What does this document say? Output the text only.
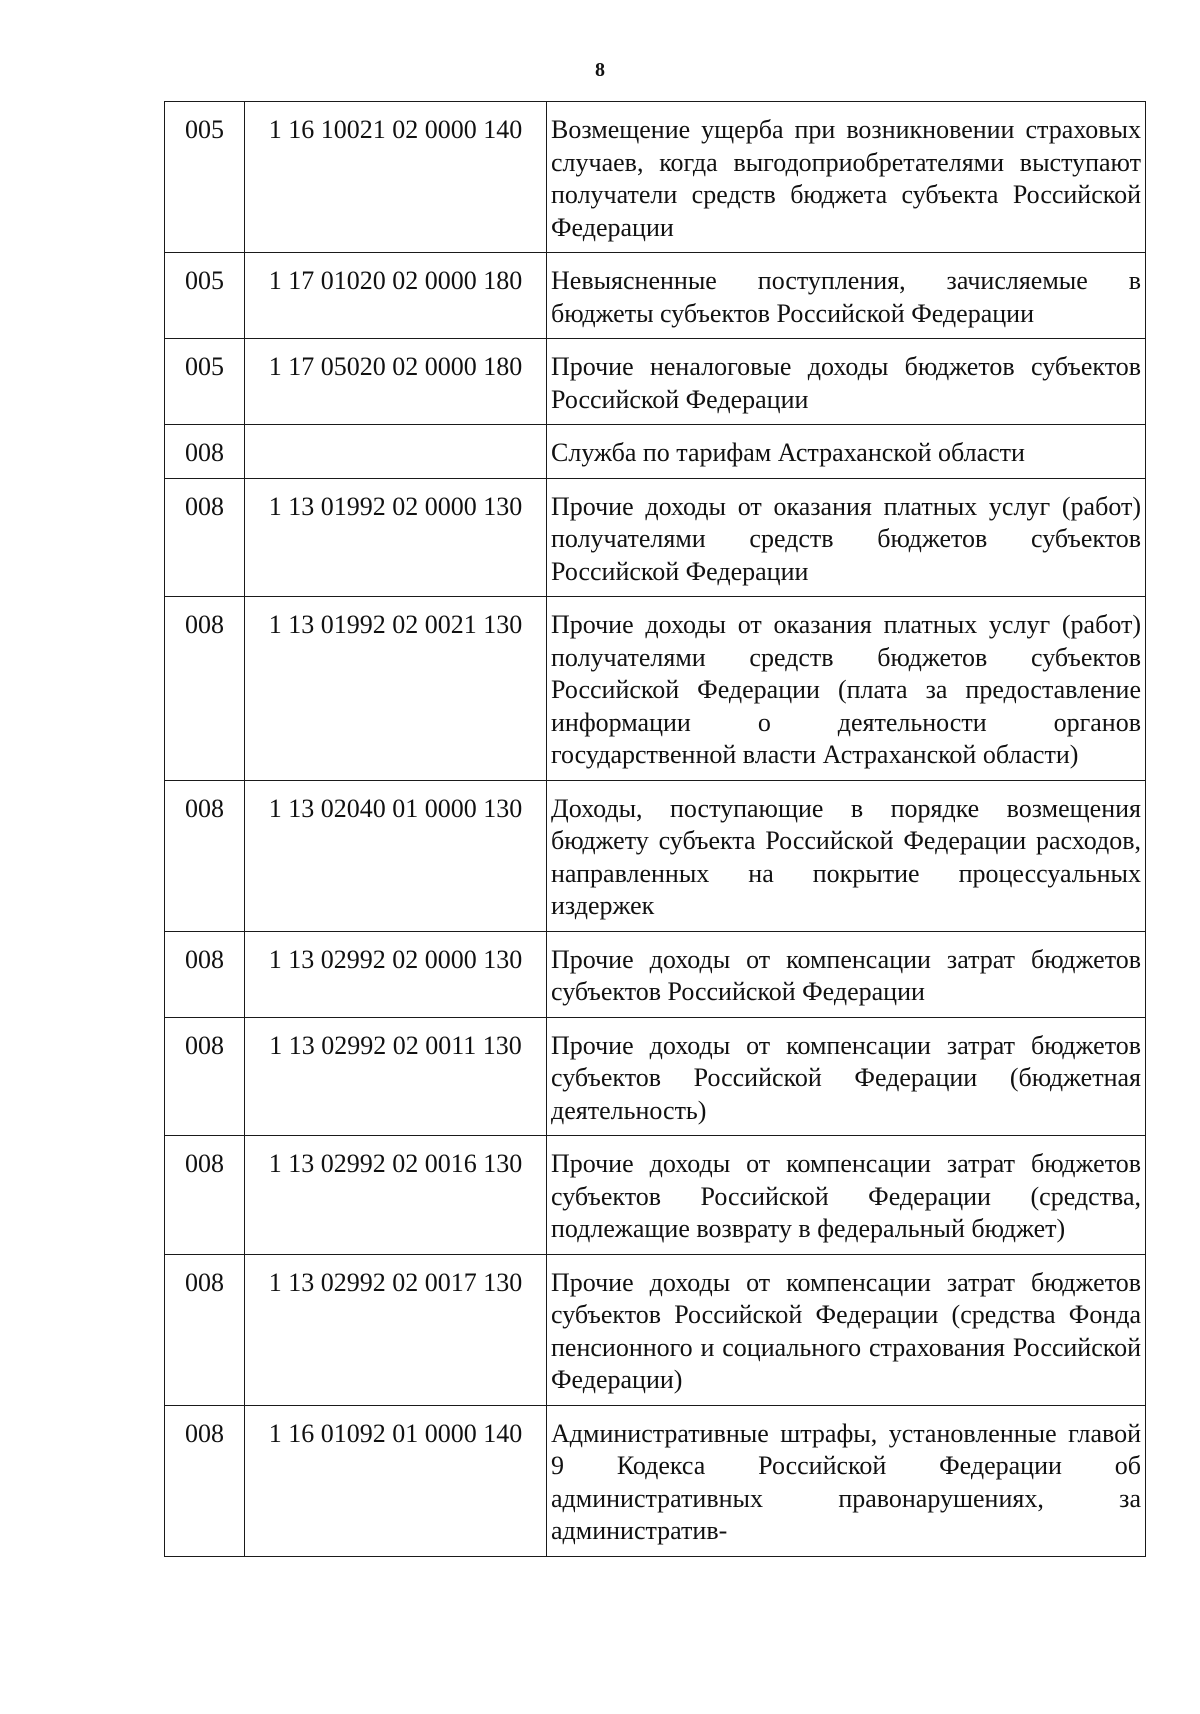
8
005	1 16 10021 02 0000 140	Возмещение ущерба при возникновении страховых случаев, когда выгодоприобретателями выступают получатели средств бюджета субъекта Российской Федерации
005	1 17 01020 02 0000 180	Невыясненные поступления, зачисляемые в бюджеты субъектов Российской Федерации
005	1 17 05020 02 0000 180	Прочие неналоговые доходы бюджетов субъектов Российской Федерации
008		Служба по тарифам Астраханской области
008	1 13 01992 02 0000 130	Прочие доходы от оказания платных услуг (работ) получателями средств бюджетов субъектов Российской Федерации
008	1 13 01992 02 0021 130	Прочие доходы от оказания платных услуг (работ) получателями средств бюджетов субъектов Российской Федерации (плата за предоставление информации о деятельности органов государственной власти Астраханской области)
008	1 13 02040 01 0000 130	Доходы, поступающие в порядке возмещения бюджету субъекта Российской Федерации расходов, направленных на покрытие процессуальных издержек
008	1 13 02992 02 0000 130	Прочие доходы от компенсации затрат бюджетов субъектов Российской Федерации
008	1 13 02992 02 0011 130	Прочие доходы от компенсации затрат бюджетов субъектов Российской Федерации (бюджетная деятельность)
008	1 13 02992 02 0016 130	Прочие доходы от компенсации затрат бюджетов субъектов Российской Федерации (средства, подлежащие возврату в федеральный бюджет)
008	1 13 02992 02 0017 130	Прочие доходы от компенсации затрат бюджетов субъектов Российской Федерации (средства Фонда пенсионного и социального страхования Российской Федерации)
008	1 16 01092 01 0000 140	Административные штрафы, установленные главой 9 Кодекса Российской Федерации об административных правонарушениях, за административ-
